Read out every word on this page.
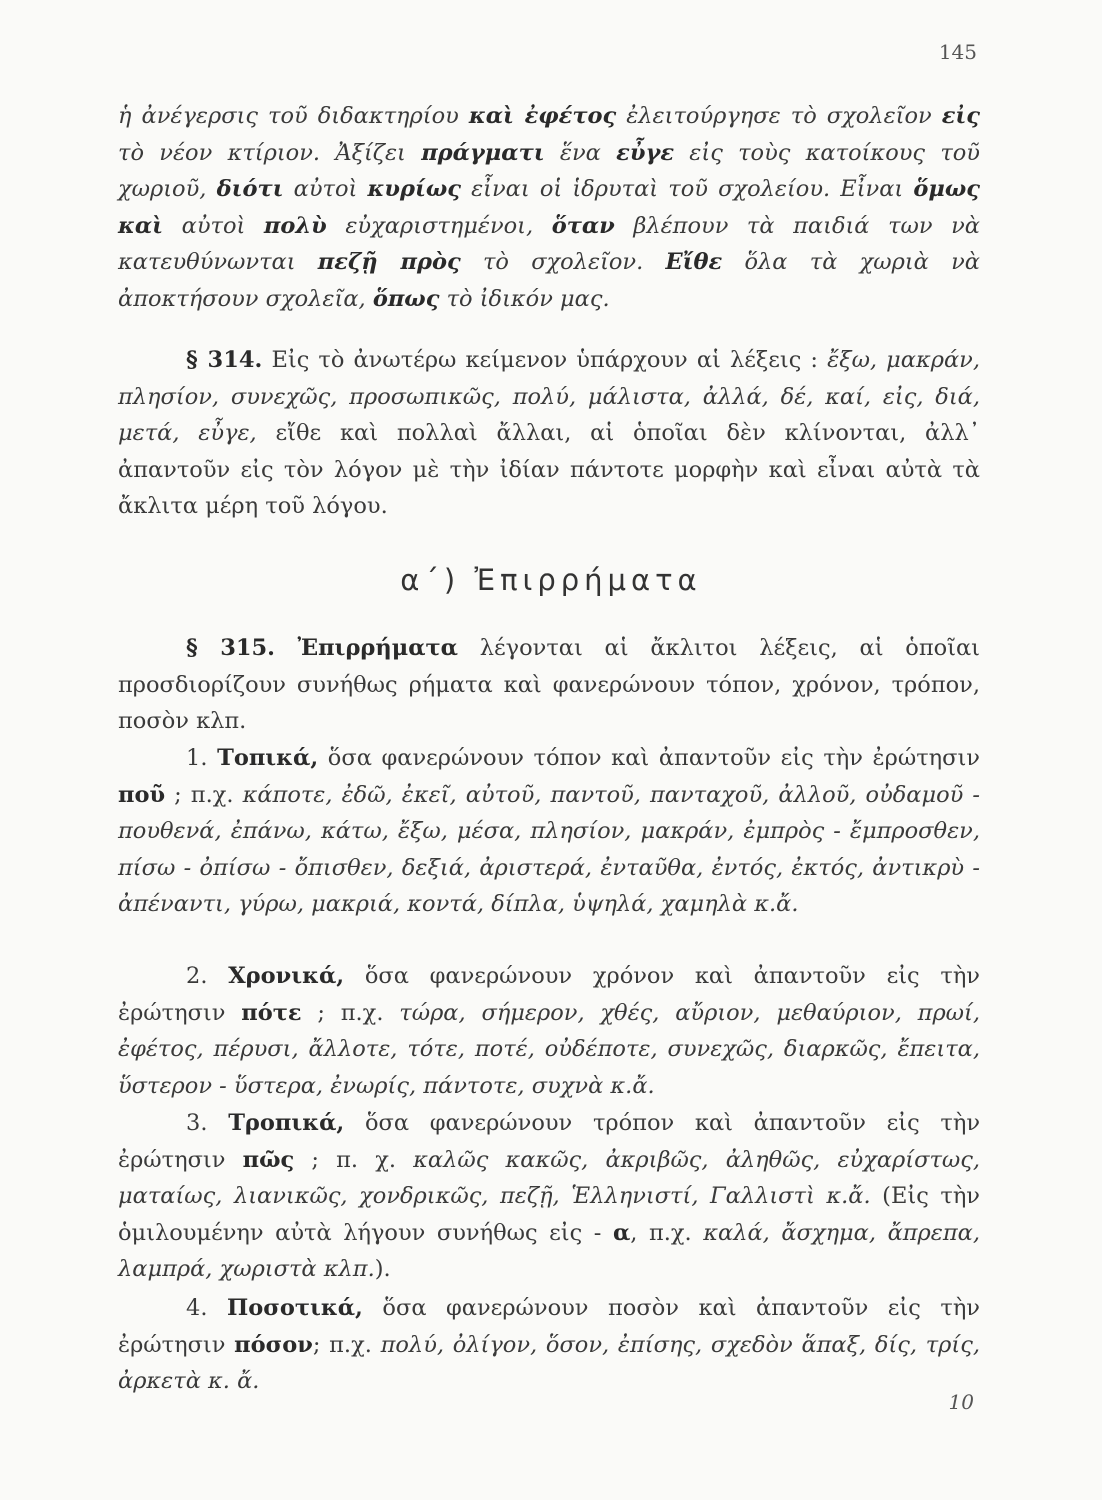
145
ἡ ἀνέγερσις τοῦ διδακτηρίου καὶ ἐφέτος ἐλειτούργησε τὸ σχολεῖον εἰς τὸ νέον κτίριον. Ἀξίζει πράγματι ἕνα εὖγε εἰς τοὺς κατοίκους τοῦ χωριοῦ, διότι αὐτοὶ κυρίως εἶναι οἱ ἱδρυταὶ τοῦ σχολείου. Εἶναι ὅμως καὶ αὐτοὶ πολὺ εὐχαριστημένοι, ὅταν βλέπουν τὰ παιδιά των νὰ κατευθύνωνται πεζῇ πρὸς τὸ σχολεῖον. Εἴθε ὅλα τὰ χωριὰ νὰ ἀποκτήσουν σχολεῖα, ὅπως τὸ ἰδικόν μας.
§ 314. Εἰς τὸ ἀνωτέρω κείμενον ὑπάρχουν αἱ λέξεις : ἔξω, μακράν, πλησίον, συνεχῶς, προσωπικῶς, πολύ, μάλιστα, ἀλλά, δέ, καί, εἰς, διά, μετά, εὖγε, εἴθε καὶ πολλαὶ ἄλλαι, αἱ ὁποῖαι δὲν κλίνονται, ἀλλ᾽ ἀπαντοῦν εἰς τὸν λόγον μὲ τὴν ἰδίαν πάντοτε μορφὴν καὶ εἶναι αὐτὰ τὰ ἄκλιτα μέρη τοῦ λόγου.
α΄) Ἐπιρρήματα
§ 315. Ἐπιρρήματα λέγονται αἱ ἄκλιτοι λέξεις, αἱ ὁποῖαι προσδιορίζουν συνήθως ρήματα καὶ φανερώνουν τόπον, χρόνον, τρόπον, ποσὸν κλπ.
1. Τοπικά, ὅσα φανερώνουν τόπον καὶ ἀπαντοῦν εἰς τὴν ἐρώτησιν ποῦ ; π.χ. κάποτε, ἐδῶ, ἐκεῖ, αὐτοῦ, παντοῦ, πανταχοῦ, ἀλλοῦ, οὐδαμοῦ - πουθενά, ἐπάνω, κάτω, ἔξω, μέσα, πλησίον, μακράν, ἐμπρὸς - ἔμπροσθεν, πίσω - ὀπίσω - ὄπισθεν, δεξιά, ἀριστερά, ἐνταῦθα, ἐντός, ἐκτός, ἀντικρὺ - ἀπέναντι, γύρω, μακριά, κοντά, δίπλα, ὑψηλά, χαμηλὰ κ.ἄ.
2. Χρονικά, ὅσα φανερώνουν χρόνον καὶ ἀπαντοῦν εἰς τὴν ἐρώτησιν πότε ; π.χ. τώρα, σήμερον, χθές, αὔριον, μεθαύριον, πρωί, ἐφέτος, πέρυσι, ἄλλοτε, τότε, ποτέ, οὐδέποτε, συνεχῶς, διαρκῶς, ἔπειτα, ὕστερον - ὕστερα, ἐνωρίς, πάντοτε, συχνὰ κ.ἄ.
3. Τροπικά, ὅσα φανερώνουν τρόπον καὶ ἀπαντοῦν εἰς τὴν ἐρώτησιν πῶς ; π. χ. καλῶς κακῶς, ἀκριβῶς, ἀληθῶς, εὐχαρίστως, ματαίως, λιανικῶς, χονδρικῶς, πεζῇ, Ἑλληνιστί, Γαλλιστὶ κ.ἄ. (Εἰς τὴν ὁμιλουμένην αὐτὰ λήγουν συνήθως εἰς - α, π.χ. καλά, ἄσχημα, ἄπρεπα, λαμπρά, χωριστὰ κλπ.).
4. Ποσοτικά, ὅσα φανερώνουν ποσὸν καὶ ἀπαντοῦν εἰς τὴν ἐρώτησιν πόσον; π.χ. πολύ, ὀλίγον, ὅσον, ἐπίσης, σχεδὸν ἅπαξ, δίς, τρίς, ἀρκετὰ κ. ἄ.
10
